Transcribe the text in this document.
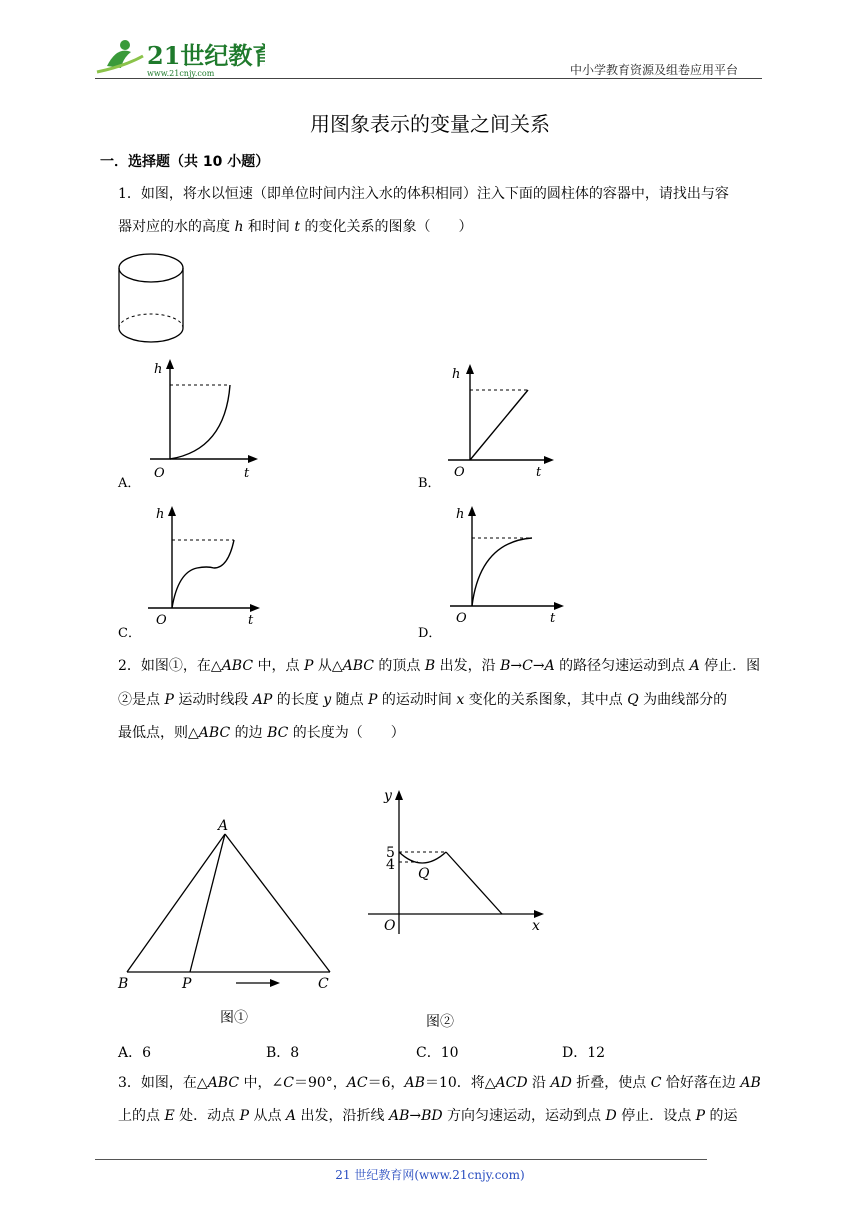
21世纪教育
www.21cnjy.com	中小学教育资源及组卷应用平台
用图象表示的变量之间关系
一．选择题（共 10 小题）
1．如图，将水以恒速（即单位时间内注入水的体积相同）注入下面的圆柱体的容器中，请找出与容
器对应的水的高度 h 和时间 t 的变化关系的图象（　　）
h
O	t
A．
h
O	t
B．
h
O	t
C．
h
O	t
D．
2．如图①，在△ABC 中，点 P 从△ABC 的顶点 B 出发，沿 B→C→A 的路径匀速运动到点 A 停止．图
②是点 P 运动时线段 AP 的长度 y 随点 P 的运动时间 x 变化的关系图象，其中点 Q 为曲线部分的
最低点，则△ABC 的边 BC 的长度为（　　）
A
B	P	C
图①
y
5
4
Q
O	x
图②
A．6	B．8	C．10	D．12
3．如图，在△ABC 中，∠C＝90°，AC＝6，AB＝10．将△ACD 沿 AD 折叠，使点 C 恰好落在边 AB
上的点 E 处．动点 P 从点 A 出发，沿折线 AB→BD 方向匀速运动，运动到点 D 停止．设点 P 的运
21 世纪教育网(www.21cnjy.com)
